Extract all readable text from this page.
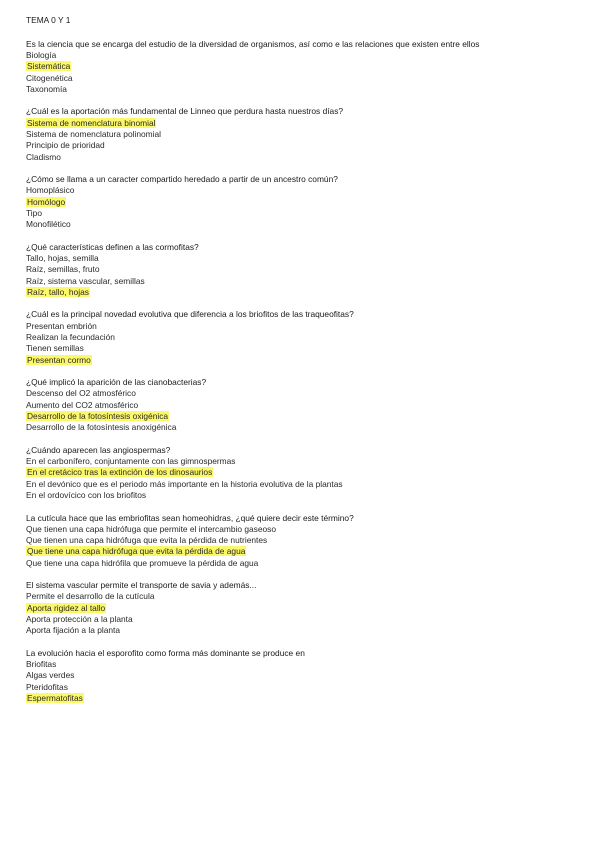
TEMA 0 Y 1
Es la ciencia que se encarga del estudio de la diversidad de organismos, así como e las relaciones que existen entre ellos
Biología
Sistemática
Citogenética
Taxonomía
¿Cuál es la aportación más fundamental de Linneo que perdura hasta nuestros días?
Sistema de nomenclatura binomial
Sistema de nomenclatura polinomial
Principio de prioridad
Cladismo
¿Cómo se llama a un caracter compartido heredado a partir de un ancestro común?
Homoplásico
Homólogo
Tipo
Monofilético
¿Qué características definen a las cormofitas?
Tallo, hojas, semilla
Raíz, semillas, fruto
Raíz, sistema vascular, semillas
Raíz, tallo, hojas
¿Cuál es la principal novedad evolutiva que diferencia a los briofitos de las traqueofitas?
Presentan embrión
Realizan la fecundación
Tienen semillas
Presentan cormo
¿Qué implicó la aparición de las cianobacterias?
Descenso del O2 atmosférico
Aumento del CO2 atmosférico
Desarrollo de la fotosíntesis oxigénica
Desarrollo de la fotosíntesis anoxigénica
¿Cuándo aparecen las angiospermas?
En el carbonífero, conjuntamente con las gimnospermas
En el cretácico tras la extinción de los dinosaurios
En el devónico que es el periodo más importante en la historia evolutiva de la plantas
En el ordovícico con los briofitos
La cutícula hace que las embriofitas sean homeohidras, ¿qué quiere decir este término?
Que tienen una capa hidrófuga que permite el intercambio gaseoso
Que tienen una capa hidrófuga que evita la pérdida de nutrientes
Que tiene una capa hidrófuga que evita la pérdida de agua
Que tiene una capa hidrófila que promueve la pérdida de agua
El sistema vascular permite el transporte de savia y además...
Permite el desarrollo de la cutícula
Aporta rigidez al tallo
Aporta protección a la planta
Aporta fijación a la planta
La evolución hacia el esporofito como forma más dominante se produce en
Briofitas
Algas verdes
Pteridofitas
Espermatofitas
